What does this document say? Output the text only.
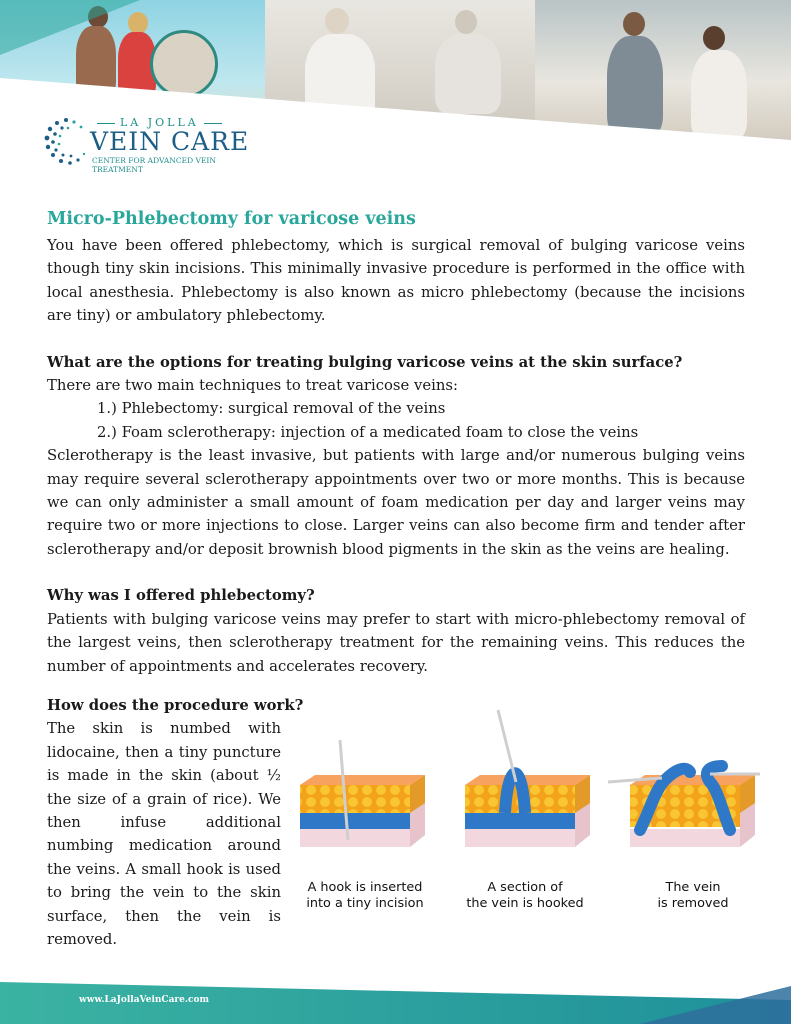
LA JOLLA
VEIN CARE
CENTER FOR ADVANCED VEIN TREATMENT
Micro-Phlebectomy for varicose veins

You have been offered phlebectomy, which is surgical removal of bulging varicose veins though tiny skin incisions. This minimally invasive procedure is performed in the office with local anesthesia. Phlebectomy is also known as micro phlebectomy (because the incisions are tiny) or ambulatory phlebectomy.

What are the options for treating bulging varicose veins at the skin surface?

There are two main techniques to treat varicose veins:

1.) Phlebectomy: surgical removal of the veins
2.) Foam sclerotherapy: injection of a medicated foam to close the veins

Sclerotherapy is the least invasive, but patients with large and/or numerous bulging veins may require several sclerotherapy appointments over two or more months. This is because we can only administer a small amount of foam medication per day and larger veins may require two or more injections to close. Larger veins can also become firm and tender after sclerotherapy and/or deposit brownish blood pigments in the skin as the veins are healing.

Why was I offered phlebectomy?

Patients with bulging varicose veins may prefer to start with micro-phlebectomy removal of the largest veins, then sclerotherapy treatment for the remaining veins. This reduces the number of appointments and accelerates recovery.

How does the procedure work?

The skin is numbed with lidocaine, then a tiny puncture is made in the skin (about ½ the size of a grain of rice). We then infuse additional numbing medication around the veins. A small hook is used to bring the vein to the skin surface, then the vein is removed.

A hook is inserted
into a tiny incision
A section of
the vein is hooked
The vein
is removed
www.LaJollaVeinCare.com
